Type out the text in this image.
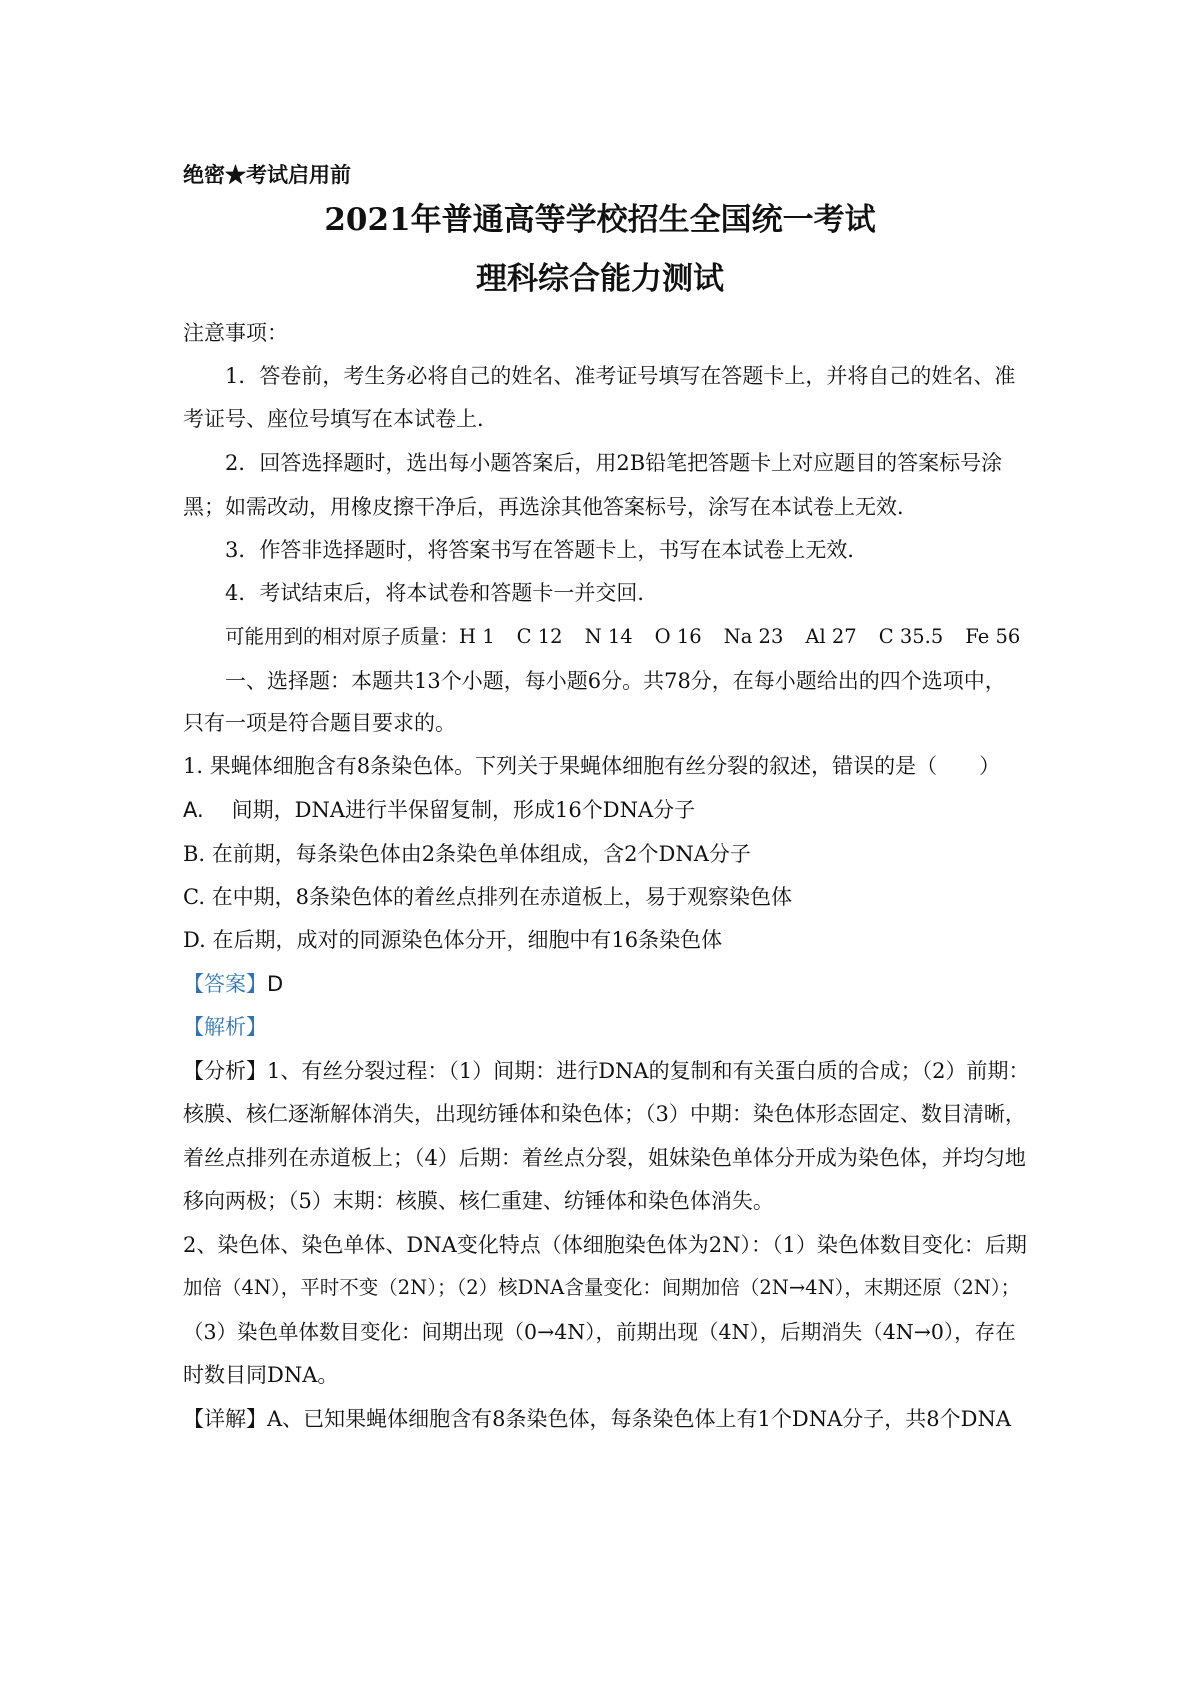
绝密★考试启用前
2021年普通高等学校招生全国统一考试
理科综合能力测试
注意事项：
1．答卷前，考生务必将自己的姓名、准考证号填写在答题卡上，并将自己的姓名、准
考证号、座位号填写在本试卷上．
2．回答选择题时，选出每小题答案后，用2B铅笔把答题卡上对应题目的答案标号涂
黑；如需改动，用橡皮擦干净后，再选涂其他答案标号，涂写在本试卷上无效．
3．作答非选择题时，将答案书写在答题卡上，书写在本试卷上无效．
4．考试结束后，将本试卷和答题卡一并交回．
可能用到的相对原子质量：H 1 C 12 N 14 O 16 Na 23 Al 27 C 35.5 Fe 56
一、选择题：本题共13个小题，每小题6分。共78分，在每小题给出的四个选项中，
只有一项是符合题目要求的。
1. 果蝇体细胞含有8条染色体。下列关于果蝇体细胞有丝分裂的叙述，错误的是（　　）
A. 间期，DNA进行半保留复制，形成16个DNA分子
B. 在前期，每条染色体由2条染色单体组成，含2个DNA分子
C. 在中期，8条染色体的着丝点排列在赤道板上，易于观察染色体
D. 在后期，成对的同源染色体分开，细胞中有16条染色体
【答案】D
【解析】
【分析】1、有丝分裂过程：（1）间期：进行DNA的复制和有关蛋白质的合成；（2）前期：
核膜、核仁逐渐解体消失，出现纺锤体和染色体；（3）中期：染色体形态固定、数目清晰，
着丝点排列在赤道板上；（4）后期：着丝点分裂，姐妹染色单体分开成为染色体，并均匀地
移向两极；（5）末期：核膜、核仁重建、纺锤体和染色体消失。
2、染色体、染色单体、DNA变化特点（体细胞染色体为2N）：（1）染色体数目变化：后期
加倍（4N），平时不变（2N）；（2）核DNA含量变化：间期加倍（2N→4N），末期还原（2N）；
（3）染色单体数目变化：间期出现（0→4N），前期出现（4N），后期消失（4N→0），存在
时数目同DNA。
【详解】A、已知果蝇体细胞含有8条染色体，每条染色体上有1个DNA分子，共8个DNA
